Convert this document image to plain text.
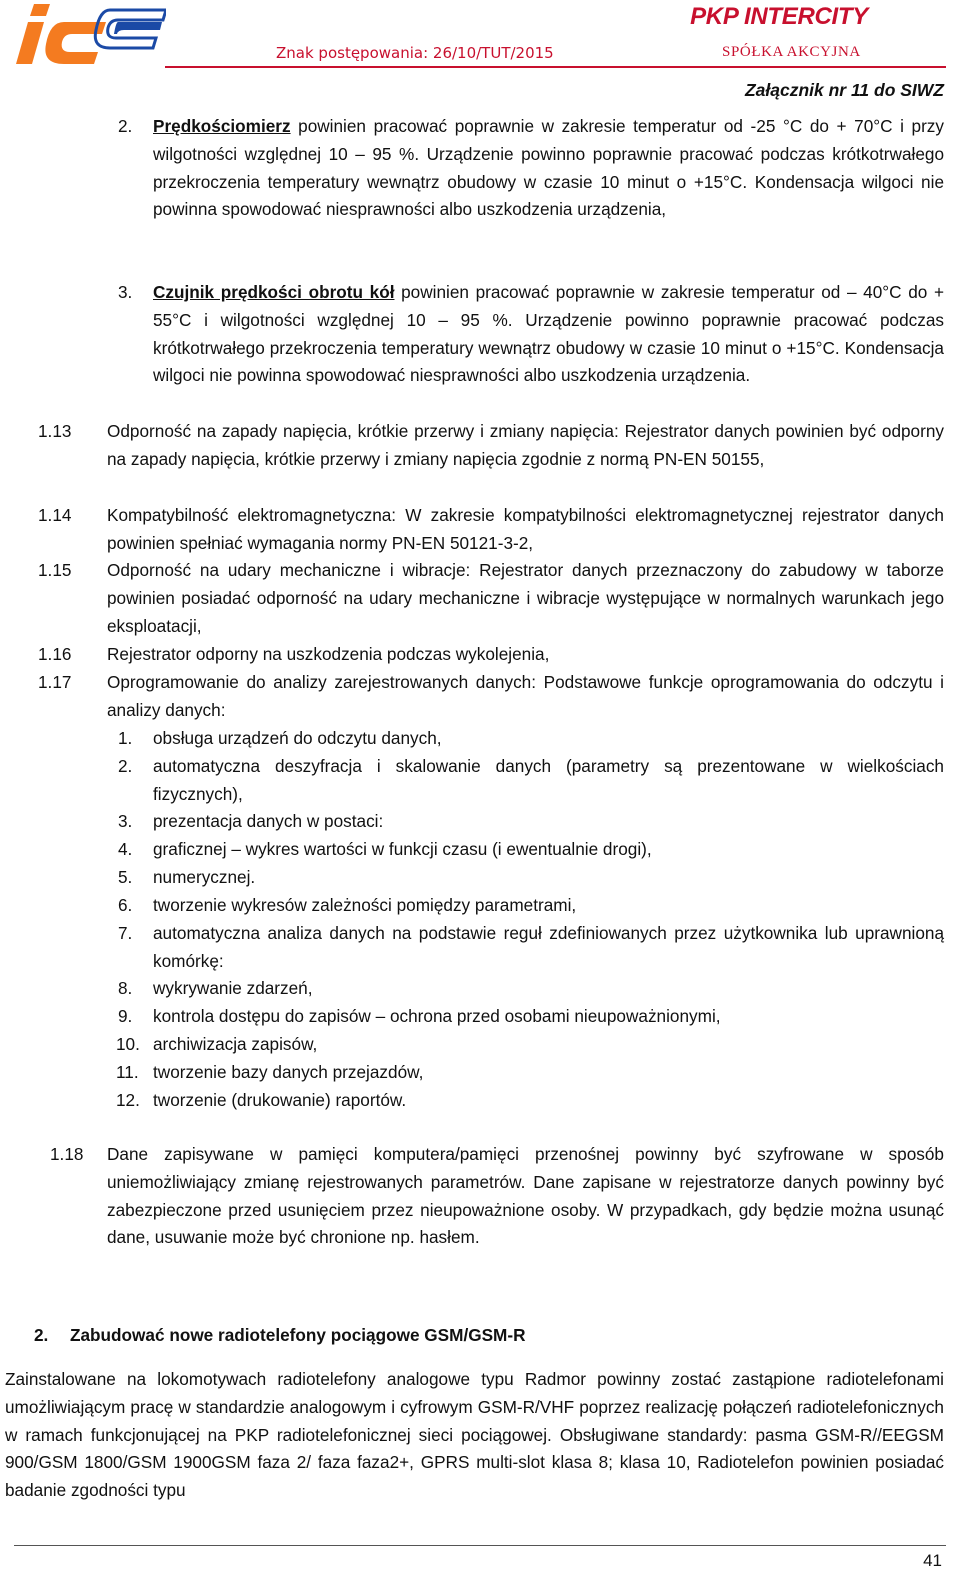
PKP INTERCITY
Znak postępowania: 26/10/TUT/2015	SPÓŁKA AKCYJNA
Załącznik nr 11 do SIWZ
2. Prędkościomierz powinien pracować poprawnie w zakresie temperatur od -25 °C do + 70°C i przy wilgotności względnej 10 – 95 %. Urządzenie powinno poprawnie pracować podczas krótkotrwałego przekroczenia temperatury wewnątrz obudowy w czasie 10 minut o +15°C. Kondensacja wilgoci nie powinna spowodować niesprawności albo uszkodzenia urządzenia,
3. Czujnik prędkości obrotu kół powinien pracować poprawnie w zakresie temperatur od – 40°C do + 55°C i wilgotności względnej 10 – 95 %. Urządzenie powinno poprawnie pracować podczas krótkotrwałego przekroczenia temperatury wewnątrz obudowy w czasie 10 minut o +15°C. Kondensacja wilgoci nie powinna spowodować niesprawności albo uszkodzenia urządzenia.
1.13 Odporność na zapady napięcia, krótkie przerwy i zmiany napięcia: Rejestrator danych powinien być odporny na zapady napięcia, krótkie przerwy i zmiany napięcia zgodnie z normą PN-EN 50155,
1.14 Kompatybilność elektromagnetyczna: W zakresie kompatybilności elektromagnetycznej rejestrator danych powinien spełniać wymagania normy PN-EN 50121-3-2,
1.15 Odporność na udary mechaniczne i wibracje: Rejestrator danych przeznaczony do zabudowy w taborze powinien posiadać odporność na udary mechaniczne i wibracje występujące w normalnych warunkach jego eksploatacji,
1.16 Rejestrator odporny na uszkodzenia podczas wykolejenia,
1.17 Oprogramowanie do analizy zarejestrowanych danych: Podstawowe funkcje oprogramowania do odczytu i analizy danych:
1. obsługa urządzeń do odczytu danych,
2. automatyczna deszyfracja i skalowanie danych (parametry są prezentowane w wielkościach fizycznych),
3. prezentacja danych w postaci:
4. graficznej – wykres wartości w funkcji czasu (i ewentualnie drogi),
5. numerycznej.
6. tworzenie wykresów zależności pomiędzy parametrami,
7. automatyczna analiza danych na podstawie reguł zdefiniowanych przez użytkownika lub uprawnioną komórkę:
8. wykrywanie zdarzeń,
9. kontrola dostępu do zapisów – ochrona przed osobami nieupoważnionymi,
10. archiwizacja zapisów,
11. tworzenie bazy danych przejazdów,
12. tworzenie (drukowanie) raportów.
1.18 Dane zapisywane w pamięci komputera/pamięci przenośnej powinny być szyfrowane w sposób uniemożliwiający zmianę rejestrowanych parametrów. Dane zapisane w rejestratorze danych powinny być zabezpieczone przed usunięciem przez nieupoważnione osoby. W przypadkach, gdy będzie można usunąć dane, usuwanie może być chronione np. hasłem.
2. Zabudować nowe radiotelefony pociągowe GSM/GSM-R
Zainstalowane na lokomotywach radiotelefony analogowe typu Radmor powinny zostać zastąpione radiotelefonami umożliwiającym pracę w standardzie analogowym i cyfrowym GSM-R/VHF poprzez realizację połączeń radiotelefonicznych w ramach funkcjonującej na PKP radiotelefonicznej sieci pociągowej. Obsługiwane standardy: pasma GSM-R//EEGSM 900/GSM 1800/GSM 1900GSM faza 2/ faza faza2+, GPRS multi-slot klasa 8; klasa 10, Radiotelefon powinien posiadać badanie zgodności typu
41
